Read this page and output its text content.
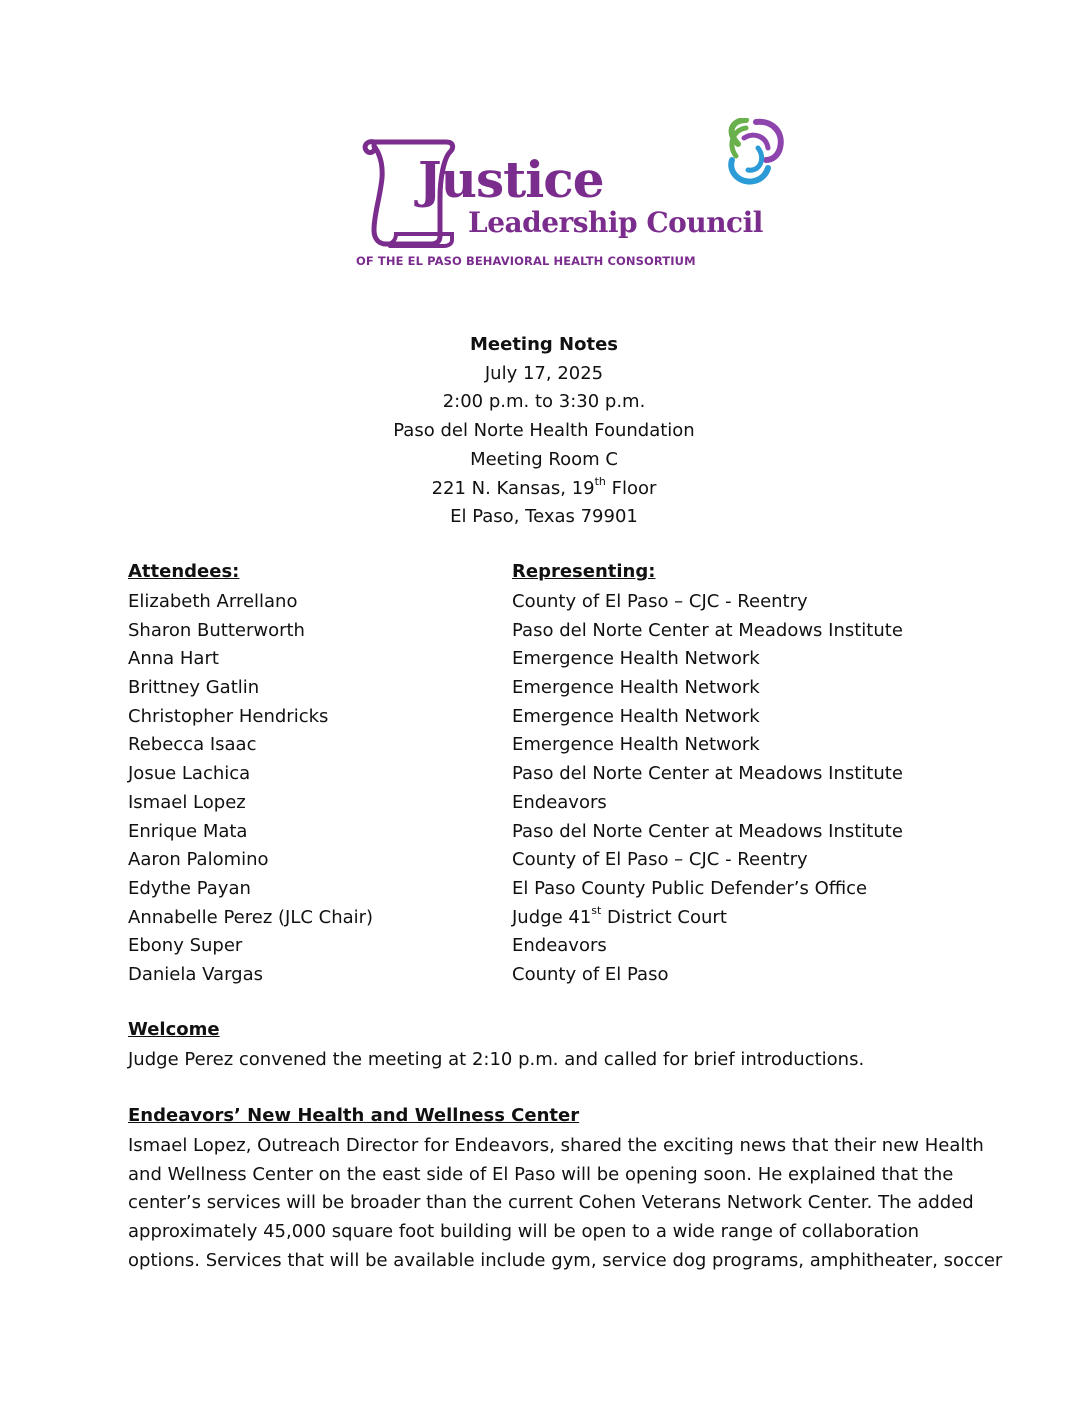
Justice
Leadership Council
OF THE EL PASO BEHAVIORAL HEALTH CONSORTIUM
Meeting Notes
July 17, 2025
2:00 p.m. to 3:30 p.m.
Paso del Norte Health Foundation
Meeting Room C
221 N. Kansas, 19th Floor
El Paso, Texas 79901
Attendees:	Representing:
Elizabeth Arrellano	County of El Paso – CJC - Reentry
Sharon Butterworth	Paso del Norte Center at Meadows Institute
Anna Hart	Emergence Health Network
Brittney Gatlin	Emergence Health Network
Christopher Hendricks	Emergence Health Network
Rebecca Isaac	Emergence Health Network
Josue Lachica	Paso del Norte Center at Meadows Institute
Ismael Lopez	Endeavors
Enrique Mata	Paso del Norte Center at Meadows Institute
Aaron Palomino	County of El Paso – CJC - Reentry
Edythe Payan	El Paso County Public Defender’s Office
Annabelle Perez (JLC Chair)	Judge 41st District Court
Ebony Super	Endeavors
Daniela Vargas	County of El Paso
Welcome
Judge Perez convened the meeting at 2:10 p.m. and called for brief introductions.
Endeavors’ New Health and Wellness Center
Ismael Lopez, Outreach Director for Endeavors, shared the exciting news that their new Health
and Wellness Center on the east side of El Paso will be opening soon. He explained that the
center’s services will be broader than the current Cohen Veterans Network Center. The added
approximately 45,000 square foot building will be open to a wide range of collaboration
options. Services that will be available include gym, service dog programs, amphitheater, soccer
